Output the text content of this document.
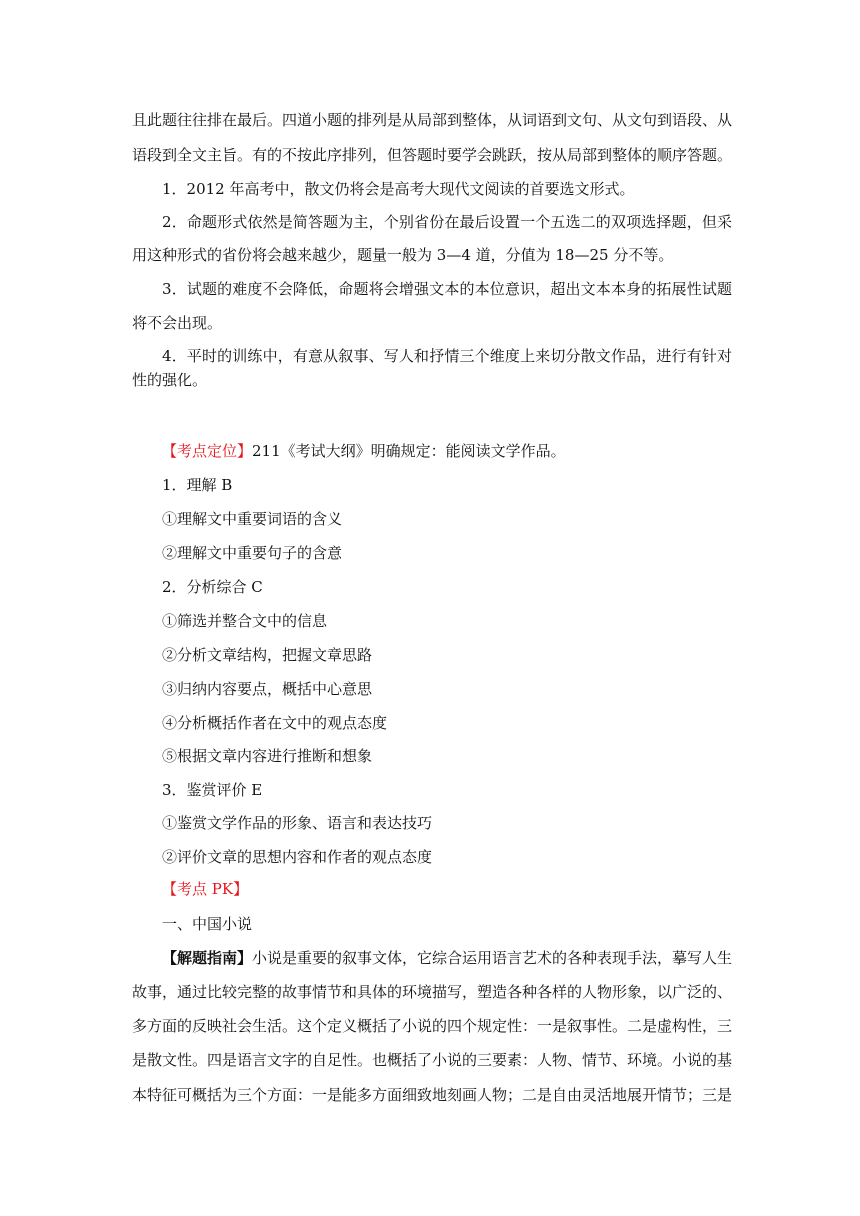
且此题往往排在最后。四道小题的排列是从局部到整体，从词语到文句、从文句到语段、从
语段到全文主旨。有的不按此序排列，但答题时要学会跳跃，按从局部到整体的顺序答题。
1．2012 年高考中，散文仍将会是高考大现代文阅读的首要选文形式。
2．命题形式依然是简答题为主，个别省份在最后设置一个五选二的双项选择题，但采
用这种形式的省份将会越来越少，题量一般为 3—4 道，分值为 18—25 分不等。
3．试题的难度不会降低，命题将会增强文本的本位意识，超出文本本身的拓展性试题
将不会出现。
4．平时的训练中，有意从叙事、写人和抒情三个维度上来切分散文作品，进行有针对
性的强化。
【考点定位】211《考试大纲》明确规定：能阅读文学作品。
1．理解 B
①理解文中重要词语的含义
②理解文中重要句子的含意
2．分析综合 C
①筛选并整合文中的信息
②分析文章结构，把握文章思路
③归纳内容要点，概括中心意思
④分析概括作者在文中的观点态度
⑤根据文章内容进行推断和想象
3．鉴赏评价 E
①鉴赏文学作品的形象、语言和表达技巧
②评价文章的思想内容和作者的观点态度
【考点 PK】
一、中国小说
【解题指南】小说是重要的叙事文体，它综合运用语言艺术的各种表现手法，摹写人生
故事，通过比较完整的故事情节和具体的环境描写，塑造各种各样的人物形象，以广泛的、
多方面的反映社会生活。这个定义概括了小说的四个规定性：一是叙事性。二是虚构性，三
是散文性。四是语言文字的自足性。也概括了小说的三要素：人物、情节、环境。小说的基
本特征可概括为三个方面：一是能多方面细致地刻画人物；二是自由灵活地展开情节；三是
